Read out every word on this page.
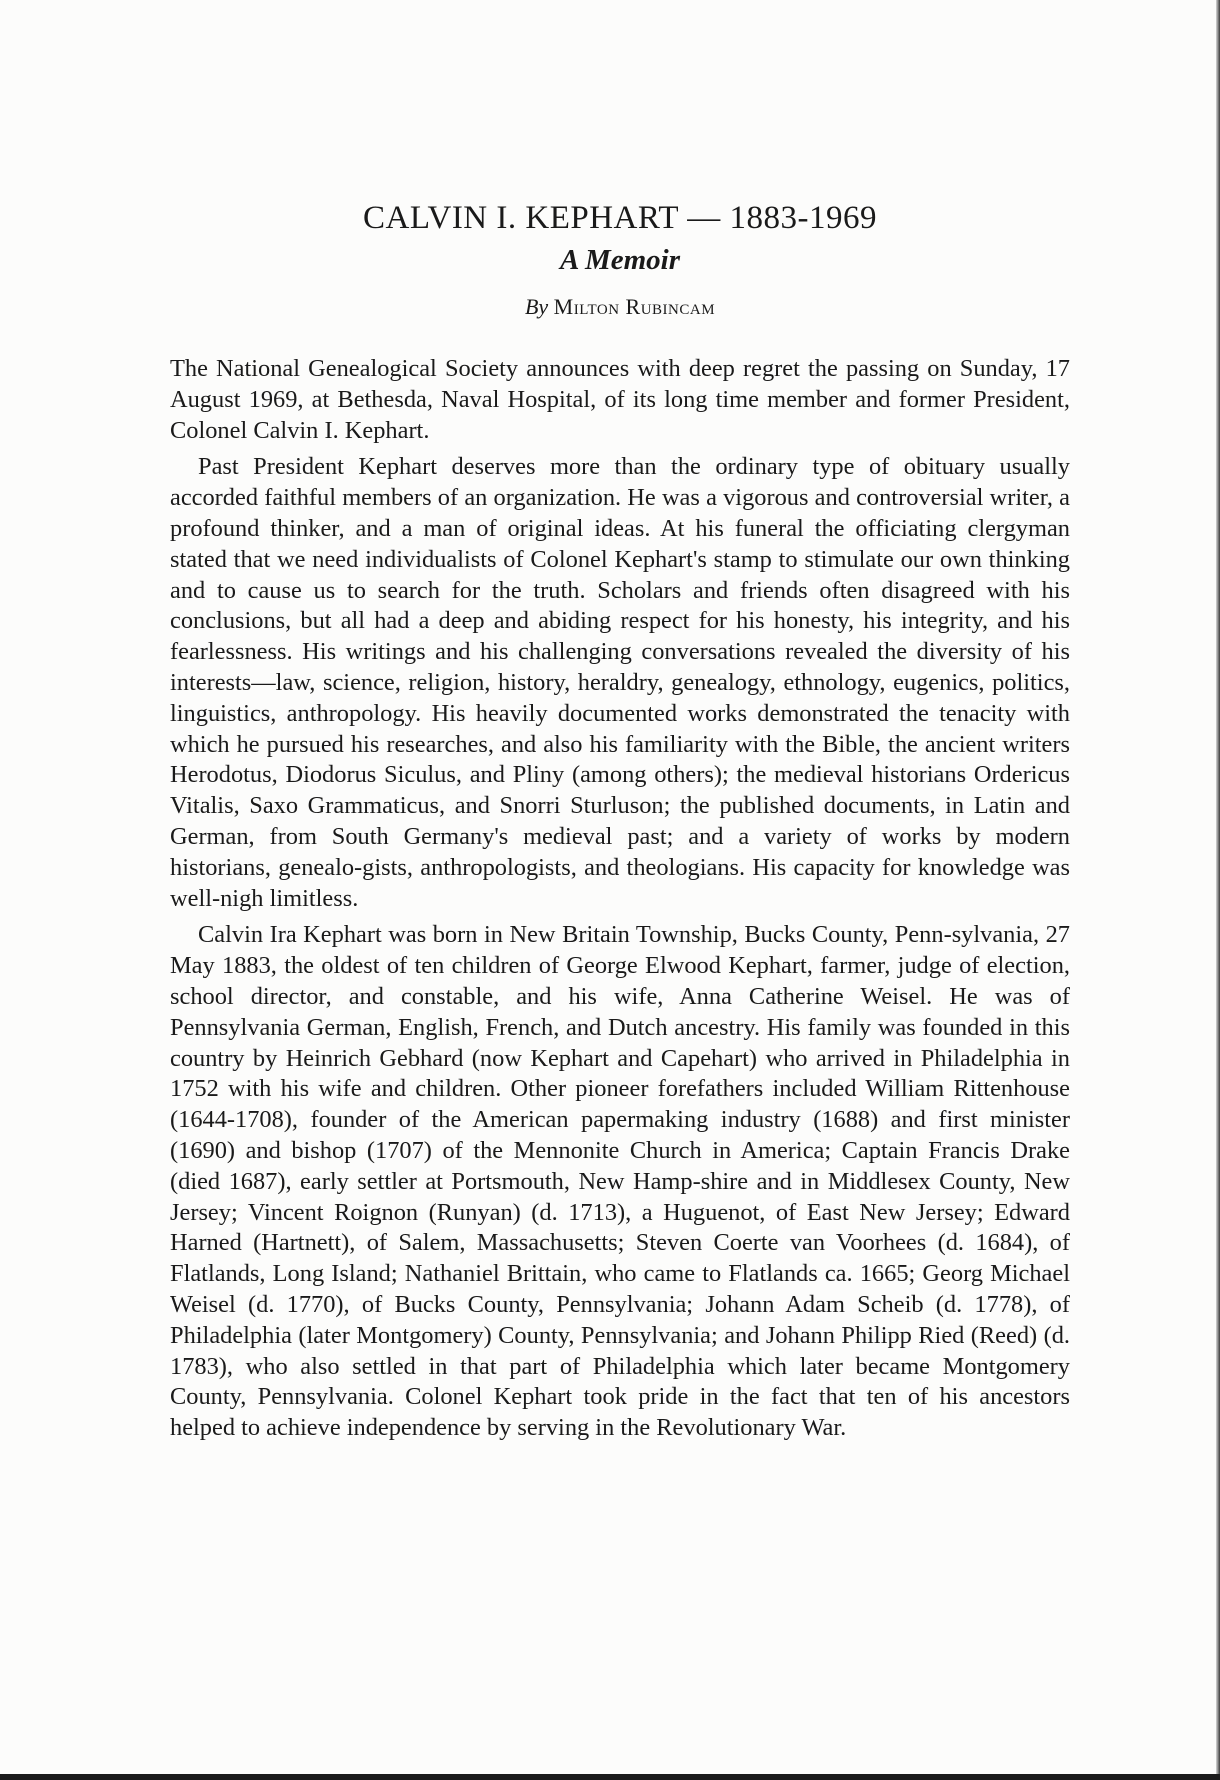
CALVIN I. KEPHART — 1883-1969
A Memoir

By Milton Rubincam

The National Genealogical Society announces with deep regret the passing on Sunday, 17 August 1969, at Bethesda, Naval Hospital, of its long time member and former President, Colonel Calvin I. Kephart.

Past President Kephart deserves more than the ordinary type of obituary usually accorded faithful members of an organization. He was a vigorous and controversial writer, a profound thinker, and a man of original ideas. At his funeral the officiating clergyman stated that we need individualists of Colonel Kephart's stamp to stimulate our own thinking and to cause us to search for the truth. Scholars and friends often disagreed with his conclusions, but all had a deep and abiding respect for his honesty, his integrity, and his fearlessness. His writings and his challenging conversations revealed the diversity of his interests—law, science, religion, history, heraldry, genealogy, ethnology, eugenics, politics, linguistics, anthropology. His heavily documented works demonstrated the tenacity with which he pursued his researches, and also his familiarity with the Bible, the ancient writers Herodotus, Diodorus Siculus, and Pliny (among others); the medieval historians Ordericus Vitalis, Saxo Grammaticus, and Snorri Sturluson; the published documents, in Latin and German, from South Germany's medieval past; and a variety of works by modern historians, genealo-gists, anthropologists, and theologians. His capacity for knowledge was well-nigh limitless.

Calvin Ira Kephart was born in New Britain Township, Bucks County, Penn-sylvania, 27 May 1883, the oldest of ten children of George Elwood Kephart, farmer, judge of election, school director, and constable, and his wife, Anna Catherine Weisel. He was of Pennsylvania German, English, French, and Dutch ancestry. His family was founded in this country by Heinrich Gebhard (now Kephart and Capehart) who arrived in Philadelphia in 1752 with his wife and children. Other pioneer forefathers included William Rittenhouse (1644-1708), founder of the American papermaking industry (1688) and first minister (1690) and bishop (1707) of the Mennonite Church in America; Captain Francis Drake (died 1687), early settler at Portsmouth, New Hamp-shire and in Middlesex County, New Jersey; Vincent Roignon (Runyan) (d. 1713), a Huguenot, of East New Jersey; Edward Harned (Hartnett), of Salem, Massachusetts; Steven Coerte van Voorhees (d. 1684), of Flatlands, Long Island; Nathaniel Brittain, who came to Flatlands ca. 1665; Georg Michael Weisel (d. 1770), of Bucks County, Pennsylvania; Johann Adam Scheib (d. 1778), of Philadelphia (later Montgomery) County, Pennsylvania; and Johann Philipp Ried (Reed) (d. 1783), who also settled in that part of Philadelphia which later became Montgomery County, Pennsylvania. Colonel Kephart took pride in the fact that ten of his ancestors helped to achieve independence by serving in the Revolutionary War.
